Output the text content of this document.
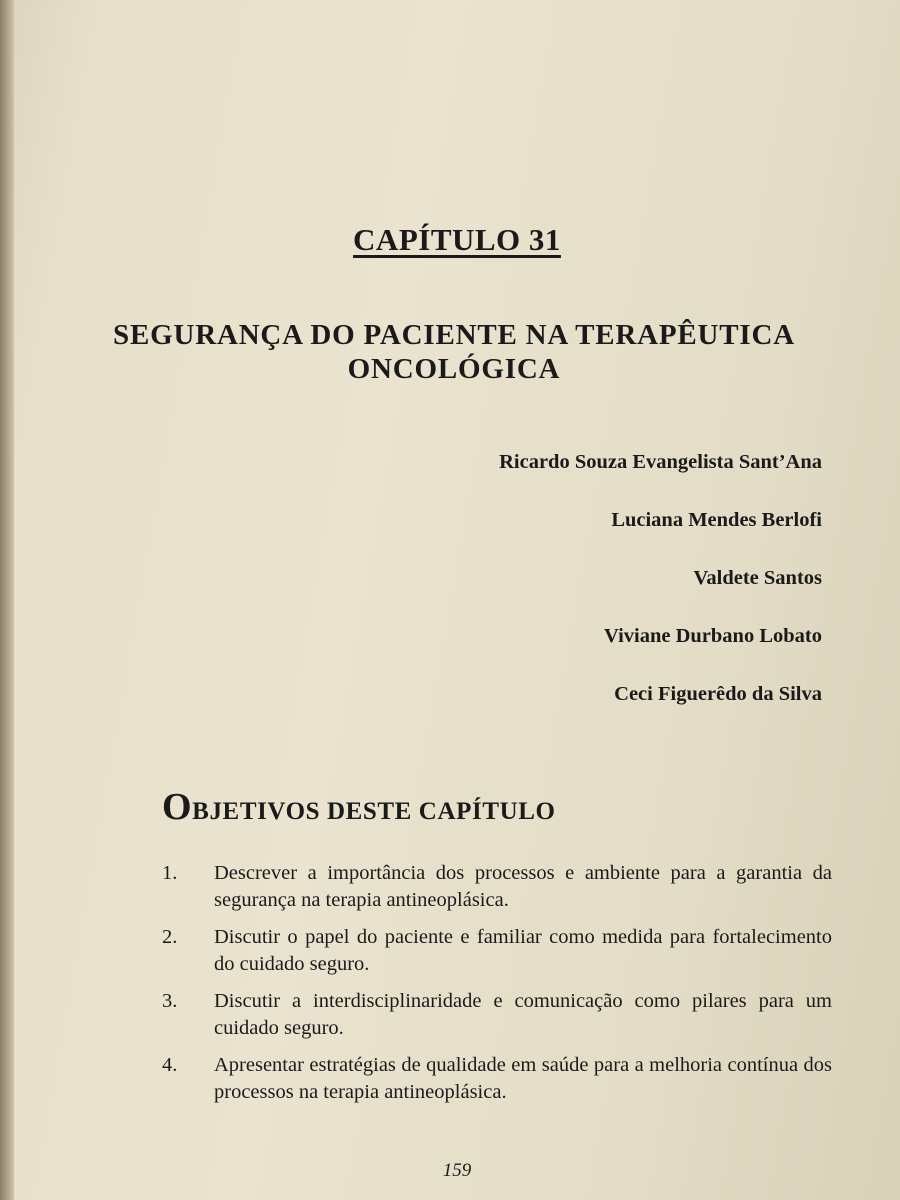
CAPÍTULO 31
SEGURANÇA DO PACIENTE NA TERAPÊUTICA ONCOLÓGICA
Ricardo Souza Evangelista Sant’Ana
Luciana Mendes Berlofi
Valdete Santos
Viviane Durbano Lobato
Ceci Figuerêdo da Silva
OBJETIVOS DESTE CAPÍTULO
1. Descrever a importância dos processos e ambiente para a garantia da segurança na terapia antineoplásica.
2. Discutir o papel do paciente e familiar como medida para fortalecimento do cuidado seguro.
3. Discutir a interdisciplinaridade e comunicação como pilares para um cuidado seguro.
4. Apresentar estratégias de qualidade em saúde para a melhoria contínua dos processos na terapia antineoplásica.
159
